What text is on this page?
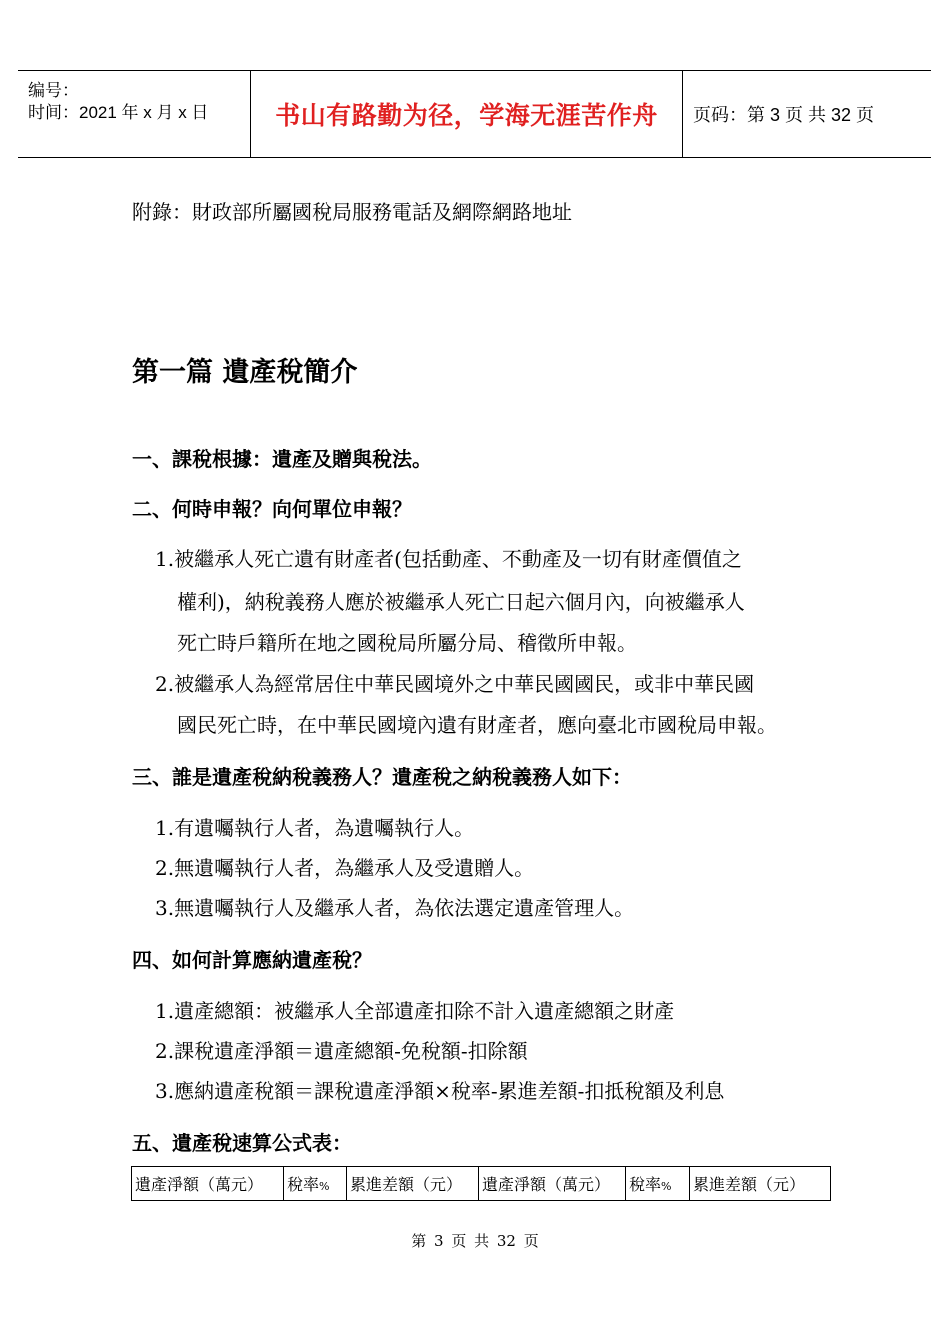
编号：
时间：2021 年 x 月 x 日	书山有路勤为径，学海无涯苦作舟	页码：第 3 页 共 32 页
附錄：財政部所屬國稅局服務電話及網際網路地址
第一篇 遺產稅簡介
一、課稅根據：遺產及贈與稅法。
二、何時申報？向何單位申報？
1.被繼承人死亡遺有財產者(包括動產、不動產及一切有財產價值之
權利)，納稅義務人應於被繼承人死亡日起六個月內，向被繼承人
死亡時戶籍所在地之國稅局所屬分局、稽徵所申報。
2.被繼承人為經常居住中華民國境外之中華民國國民，或非中華民國
國民死亡時，在中華民國境內遺有財產者，應向臺北市國稅局申報。
三、誰是遺產稅納稅義務人？遺產稅之納稅義務人如下：
1.有遺囑執行人者，為遺囑執行人。
2.無遺囑執行人者，為繼承人及受遺贈人。
3.無遺囑執行人及繼承人者，為依法選定遺產管理人。
四、如何計算應納遺產稅？
1.遺產總額：被繼承人全部遺產扣除不計入遺產總額之財產
2.課稅遺產淨額＝遺產總額-免稅額-扣除額
3.應納遺產稅額＝課稅遺產淨額×稅率-累進差額-扣抵稅額及利息
五、遺產稅速算公式表：
遺產淨額（萬元）	稅率%	累進差額（元）	遺產淨額（萬元）	稅率%	累進差額（元）
第 3 页 共 32 页
